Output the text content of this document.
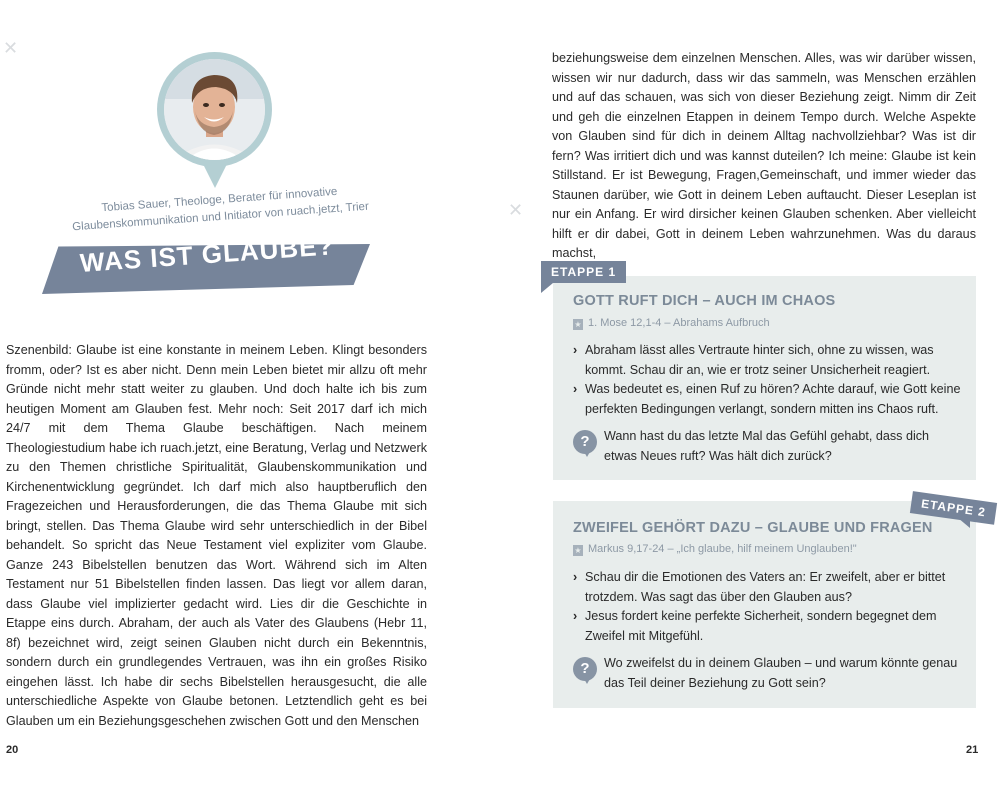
✕
Tobias Sauer, Theologe, Berater für innovative Glaubenskommunikation und Initiator von ruach.jetzt, Trier
WAS IST GLAUBE?

Szenenbild: Glaube ist eine konstante in meinem Leben. Klingt besonders fromm, oder? Ist es aber nicht. Denn mein Leben bietet mir allzu oft mehr Gründe nicht mehr statt weiter zu glauben. Und doch halte ich bis zum heutigen Moment am Glauben fest. Mehr noch: Seit 2017 darf ich mich 24/7 mit dem Thema Glaube beschäftigen. Nach meinem Theologiestudium habe ich ruach.jetzt, eine Beratung, Verlag und Netzwerk zu den Themen christliche Spiritualität, Glaubenskommunikation und Kirchenentwicklung gegründet. Ich darf mich also hauptberuflich den Fragezeichen und Herausforderungen, die das Thema Glaube mit sich bringt, stellen. Das Thema Glaube wird sehr unterschiedlich in der Bibel behandelt. So spricht das Neue Testament viel expliziter vom Glaube. Ganze 243 Bibelstellen benutzen das Wort. Während sich im Alten Testament nur 51 Bibelstellen finden lassen. Das liegt vor allem daran, dass Glaube viel implizierter gedacht wird. Lies dir die Geschichte in Etappe eins durch. Abraham, der auch als Vater des Glaubens (Hebr 11, 8f) bezeichnet wird, zeigt seinen Glauben nicht durch ein Bekenntnis, sondern durch ein grundlegendes Vertrauen, was ihn ein großes Risiko eingehen lässt. Ich habe dir sechs Bibelstellen herausgesucht, die alle unterschiedliche Aspekte von Glaube betonen. Letztendlich geht es bei Glauben um ein Beziehungsgeschehen zwischen Gott und den Menschen

20
✕

beziehungsweise dem einzelnen Menschen. Alles, was wir darüber wissen, wissen wir nur dadurch, dass wir das sammeln, was Menschen erzählen und auf das schauen, was sich von dieser Beziehung zeigt. Nimm dir Zeit und geh die einzelnen Etappen in deinem Tempo durch. Welche Aspekte von Glauben sind für dich in deinem Alltag nachvollziehbar? Was ist dir fern? Was irritiert dich und was kannst duteilen? Ich meine: Glaube ist kein Stillstand. Er ist Bewegung, Fragen,Gemeinschaft, und immer wieder das Staunen darüber, wie Gott in deinem Leben auftaucht. Dieser Leseplan ist nur ein Anfang. Er wird dirsicher keinen Glauben schenken. Aber vielleicht hilft er dir dabei, Gott in deinem Leben wahrzunehmen. Was du daraus machst,

GOTT RUFT DICH – AUCH IM CHAOS
★ 1. Mose 12,1-4 – Abrahams Aufbruch
› Abraham lässt alles Vertraute hinter sich, ohne zu wissen, was kommt. Schau dir an, wie er trotz seiner Unsicherheit reagiert.
› Was bedeutet es, einen Ruf zu hören? Achte darauf, wie Gott keine perfekten Bedingungen verlangt, sondern mitten ins Chaos ruft.
?	Wann hast du das letzte Mal das Gefühl gehabt, dass dich etwas Neues ruft? Was hält dich zurück?
ETAPPE 1
ZWEIFEL GEHÖRT DAZU – GLAUBE UND FRAGEN
★ Markus 9,17-24 – „Ich glaube, hilf meinem Unglauben!"
› Schau dir die Emotionen des Vaters an: Er zweifelt, aber er bittet trotzdem. Was sagt das über den Glauben aus?
› Jesus fordert keine perfekte Sicherheit, sondern begegnet dem Zweifel mit Mitgefühl.
?	Wo zweifelst du in deinem Glauben – und warum könnte genau das Teil deiner Beziehung zu Gott sein?
ETAPPE 2
21
